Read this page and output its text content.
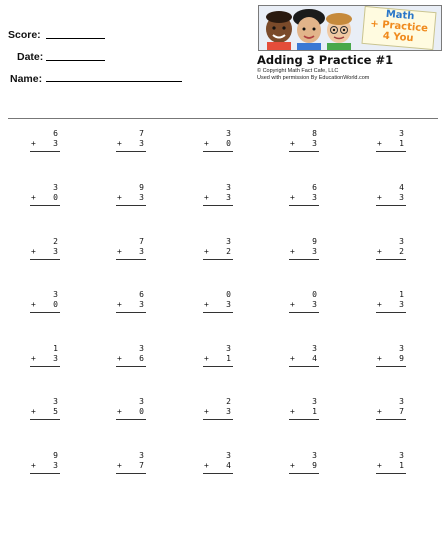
Score:
Date:
Name:
Math
+ Practice
4 You
Adding 3 Practice #1
© Copyright Math Fact Cafe, LLC
Used with permission By EducationWorld.com
6
+ 3
7
+ 3
3
+ 0
8
+ 3
3
+ 1
3
+ 0
9
+ 3
3
+ 3
6
+ 3
4
+ 3
2
+ 3
7
+ 3
3
+ 2
9
+ 3
3
+ 2
3
+ 0
6
+ 3
0
+ 3
0
+ 3
1
+ 3
1
+ 3
3
+ 6
3
+ 1
3
+ 4
3
+ 9
3
+ 5
3
+ 0
2
+ 3
3
+ 1
3
+ 7
9
+ 3
3
+ 7
3
+ 4
3
+ 9
3
+ 1
